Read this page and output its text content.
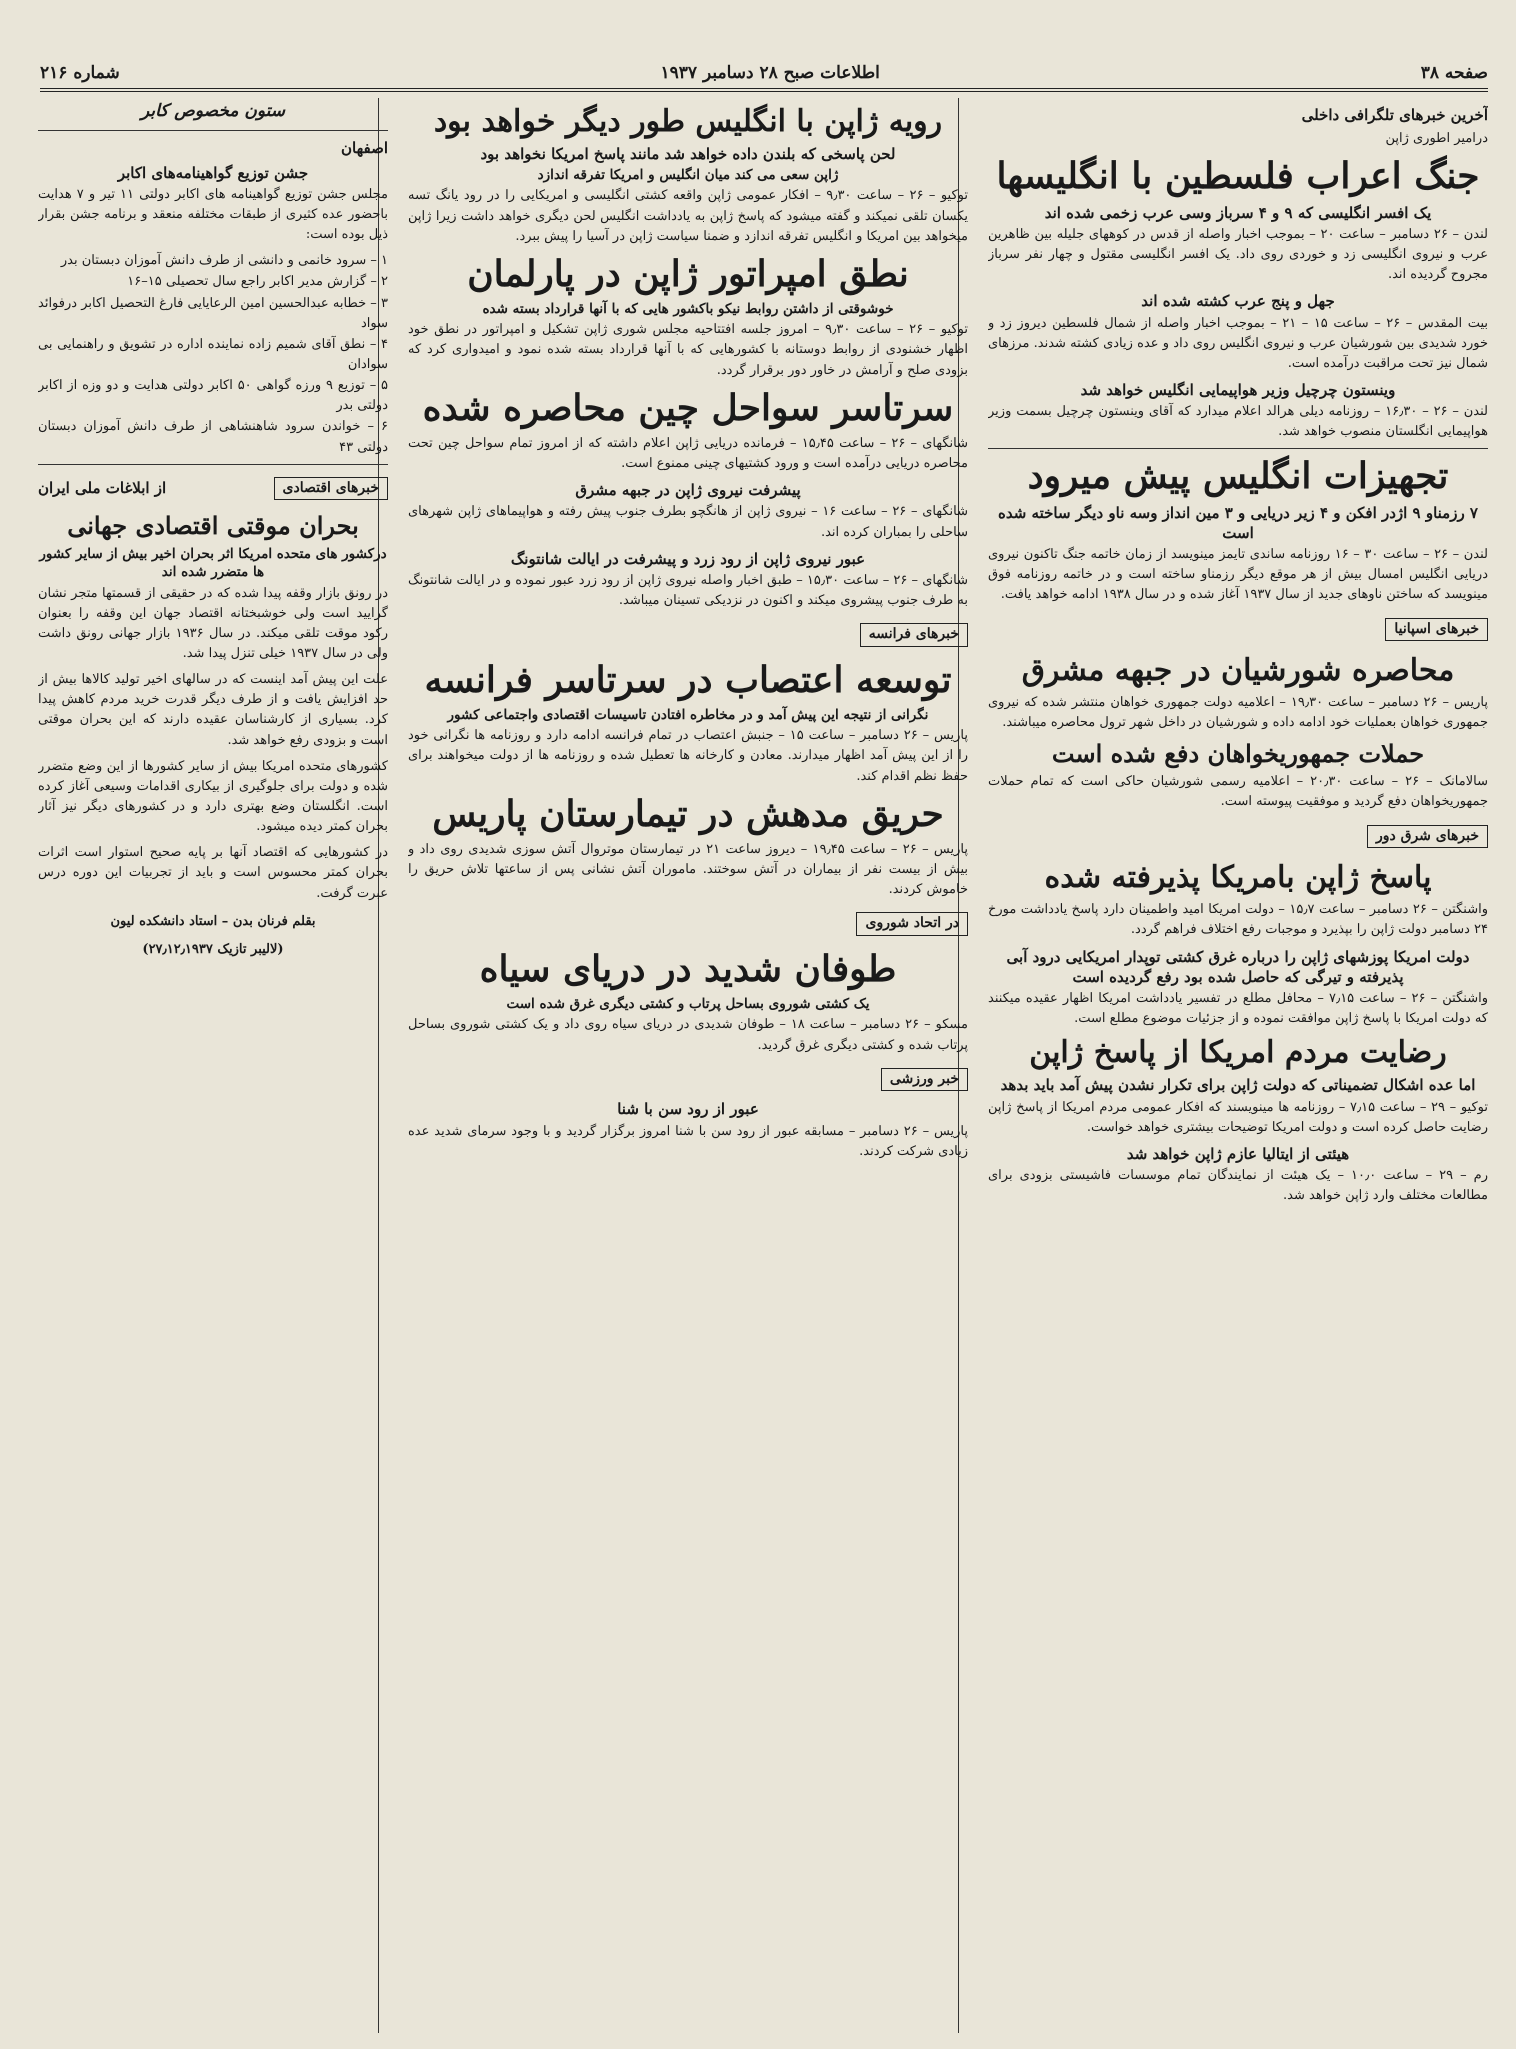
صفحه ۳۸
اطلاعات صبح ۲۸ دسامبر ۱۹۳۷
شماره ۲۱۶
آخرین خبرهای تلگرافی داخلی
درامیر اطوری ژاپن
جنگ اعراب فلسطین با انگلیسها
یک افسر انگلیسی که ۹ و ۴ سرباز وسی عرب زخمی شده اند

لندن – ۲۶ دسامبر – ساعت ۲۰ – بموجب اخبار واصله از قدس در کوههای جلیله بین ظاهرین عرب و نیروی انگلیسی زد و خوردی روی داد. یک افسر انگلیسی مقتول و چهار نفر سرباز مجروح گردیده اند.

جهل و پنج عرب کشته شده اند

بیت المقدس – ۲۶ – ساعت ۱۵ – ۲۱ – بموجب اخبار واصله از شمال فلسطین دیروز زد و خورد شدیدی بین شورشیان عرب و نیروی انگلیس روی داد و عده زیادی کشته شدند. مرزهای شمال نیز تحت مراقبت درآمده است.

وینستون چرچیل وزیر هواپیمایی انگلیس خواهد شد

لندن – ۲۶ – ۱۶٫۳۰ – روزنامه دیلی هرالد اعلام میدارد که آقای وینستون چرچیل بسمت وزیر هواپیمایی انگلستان منصوب خواهد شد.

تجهیزات انگلیس پیش میرود
۷ رزمناو ۹ اژدر افکن و ۴ زیر دریایی و ۳ مین انداز وسه ناو دیگر ساخته شده است

لندن – ۲۶ – ساعت ۳۰ – ۱۶ روزنامه ساندی تایمز مینویسد از زمان خاتمه جنگ تاکنون نیروی دریایی انگلیس امسال بیش از هر موقع دیگر رزمناو ساخته است و در خاتمه روزنامه فوق مینویسد که ساختن ناوهای جدید از سال ۱۹۳۷ آغاز شده و در سال ۱۹۳۸ ادامه خواهد یافت.

خبرهای اسپانیا
محاصره شورشیان در جبهه مشرق

پاریس – ۲۶ دسامبر – ساعت ۱۹٫۳۰ – اعلامیه دولت جمهوری خواهان منتشر شده که نیروی جمهوری خواهان بعملیات خود ادامه داده و شورشیان در داخل شهر ترول محاصره میباشند.

حملات جمهوریخواهان دفع شده است

سالامانک – ۲۶ – ساعت ۲۰٫۳۰ – اعلامیه رسمی شورشیان حاکی است که تمام حملات جمهوریخواهان دفع گردید و موفقیت پیوسته است.

خبرهای شرق دور
پاسخ ژاپن بامریکا پذیرفته شده

واشنگتن – ۲۶ دسامبر – ساعت ۱۵٫۷ – دولت امریکا امید واطمینان دارد پاسخ یادداشت مورخ ۲۴ دسامبر دولت ژاپن را بپذیرد و موجبات رفع اختلاف فراهم گردد.

دولت امریکا پوزشهای ژاپن را درباره غرق کشتی توپدار امریکایی درود آبی پذیرفته و تیرگی که حاصل شده بود رفع گردیده است

واشنگتن – ۲۶ – ساعت ۷٫۱۵ – محافل مطلع در تفسیر یادداشت امریکا اظهار عقیده میکنند که دولت امریکا با پاسخ ژاپن موافقت نموده و از جزئیات موضوع مطلع است.

رضایت مردم امریکا از پاسخ ژاپن
اما عده اشکال تضمیناتی که دولت ژاپن برای تکرار نشدن پیش آمد باید بدهد

توکیو – ۲۹ – ساعت ۷٫۱۵ – روزنامه ها مینویسند که افکار عمومی مردم امریکا از پاسخ ژاپن رضایت حاصل کرده است و دولت امریکا توضیحات بیشتری خواهد خواست.

هیئتی از ایتالیا عازم ژاپن خواهد شد

رم – ۲۹ – ساعت ۱۰٫۰ – یک هیئت از نمایندگان تمام موسسات فاشیستی بزودی برای مطالعات مختلف وارد ژاپن خواهد شد.

رویه ژاپن با انگلیس طور دیگر خواهد بود
لحن پاسخی که بلندن داده خواهد شد مانند پاسخ امریکا نخواهد بود
ژاپن سعی می کند میان انگلیس و امریکا تفرقه اندازد

توکیو – ۲۶ – ساعت ۹٫۳۰ – افکار عمومی ژاپن واقعه کشتی انگلیسی و امریکایی را در رود یانگ تسه یکسان تلقی نمیکند و گفته میشود که پاسخ ژاپن به یادداشت انگلیس لحن دیگری خواهد داشت زیرا ژاپن میخواهد بین امریکا و انگلیس تفرقه اندازد و ضمنا سیاست ژاپن در آسیا را پیش ببرد.

نطق امپراتور ژاپن در پارلمان
خوشوقتی از داشتن روابط نیکو باکشور هایی که با آنها قرارداد بسته شده

توکیو – ۲۶ – ساعت ۹٫۳۰ – امروز جلسه افتتاحیه مجلس شوری ژاپن تشکیل و امپراتور در نطق خود اظهار خشنودی از روابط دوستانه با کشورهایی که با آنها قرارداد بسته شده نمود و امیدواری کرد که بزودی صلح و آرامش در خاور دور برقرار گردد.

سرتاسر سواحل چین محاصره شده

شانگهای – ۲۶ – ساعت ۱۵٫۴۵ – فرمانده دریایی ژاپن اعلام داشته که از امروز تمام سواحل چین تحت محاصره دریایی درآمده است و ورود کشتیهای چینی ممنوع است.

پیشرفت نیروی ژاپن در جبهه مشرق

شانگهای – ۲۶ – ساعت ۱۶ – نیروی ژاپن از هانگچو بطرف جنوب پیش رفته و هواپیماهای ژاپن شهرهای ساحلی را بمباران کرده اند.

عبور نیروی ژاپن از رود زرد و پیشرفت در ایالت شانتونگ

شانگهای – ۲۶ – ساعت ۱۵٫۳۰ – طبق اخبار واصله نیروی ژاپن از رود زرد عبور نموده و در ایالت شانتونگ به طرف جنوب پیشروی میکند و اکنون در نزدیکی تسینان میباشد.

خبرهای فرانسه
توسعه اعتصاب در سرتاسر فرانسه
نگرانی از نتیجه این پیش آمد و در مخاطره افتادن تاسیسات اقتصادی واجتماعی کشور

پاریس – ۲۶ دسامبر – ساعت ۱۵ – جنبش اعتصاب در تمام فرانسه ادامه دارد و روزنامه ها نگرانی خود را از این پیش آمد اظهار میدارند. معادن و کارخانه ها تعطیل شده و روزنامه ها از دولت میخواهند برای حفظ نظم اقدام کند.

حریق مدهش در تیمارستان پاریس

پاریس – ۲۶ – ساعت ۱۹٫۴۵ – دیروز ساعت ۲۱ در تیمارستان موتروال آتش سوزی شدیدی روی داد و بیش از بیست نفر از بیماران در آتش سوختند. ماموران آتش نشانی پس از ساعتها تلاش حریق را خاموش کردند.

در اتحاد شوروی
طوفان شدید در دریای سیاه
یک کشتی شوروی بساحل پرتاب و کشتی دیگری غرق شده است

مسکو – ۲۶ دسامبر – ساعت ۱۸ – طوفان شدیدی در دریای سیاه روی داد و یک کشتی شوروی بساحل پرتاب شده و کشتی دیگری غرق گردید.

خبر ورزشی
عبور از رود سن با شنا

پاریس – ۲۶ دسامبر – مسابقه عبور از رود سن با شنا امروز برگزار گردید و با وجود سرمای شدید عده زیادی شرکت کردند.

ستون مخصوص کابر
اصفهان
جشن توزیع گواهینامه‌های اکابر

مجلس جشن توزیع گواهینامه های اکابر دولتی ۱۱ تیر و ۷ هدایت باحضور عده کثیری از طبقات مختلفه منعقد و برنامه جشن بقرار ذیل بوده است:

۱ – سرود خانمی و دانشی از طرف دانش آموزان دبستان بدر
۲ – گزارش مدیر اکابر راجع سال تحصیلی ۱۵–۱۶
۳ – خطابه عبدالحسین امین الرعایایی فارغ التحصیل اکابر درفوائد سواد
۴ – نطق آقای شمیم زاده نماینده اداره در تشویق و راهنمایی بی سوادان
۵ – توزیع ۹ ورزه گواهی ۵۰ اکابر دولتی هدایت و دو وزه از اکابر دولتی بدر
۶ – خواندن سرود شاهنشاهی از طرف دانش آموزان دبستان دولتی ۴۳
خبرهای اقتصادی
از ابلاغات ملی ایران
بحران موقتی اقتصادی جهانی
درکشور های متحده امریکا اثر بحران اخیر بیش از سایر کشور ها متضرر شده اند

در رونق بازار وقفه پیدا شده که در حقیقی از قسمتها متجر نشان گرایید است ولی خوشبختانه اقتصاد جهان این وقفه را بعنوان رکود موقت تلقی میکند. در سال ۱۹۳۶ بازار جهانی رونق داشت ولی در سال ۱۹۳۷ خیلی تنزل پیدا شد.

علت این پیش آمد اینست که در سالهای اخیر تولید کالاها بیش از حد افزایش یافت و از طرف دیگر قدرت خرید مردم کاهش پیدا کرد. بسیاری از کارشناسان عقیده دارند که این بحران موقتی است و بزودی رفع خواهد شد.

کشورهای متحده امریکا بیش از سایر کشورها از این وضع متضرر شده و دولت برای جلوگیری از بیکاری اقدامات وسیعی آغاز کرده است. انگلستان وضع بهتری دارد و در کشورهای دیگر نیز آثار بحران کمتر دیده میشود.

در کشورهایی که اقتصاد آنها بر پایه صحیح استوار است اثرات بحران کمتر محسوس است و باید از تجربیات این دوره درس عبرت گرفت.

بقلم فرنان بدن – استاد دانشکده لیون
(لالیبر تازیک ۲۷٫۱۲٫۱۹۳۷)
